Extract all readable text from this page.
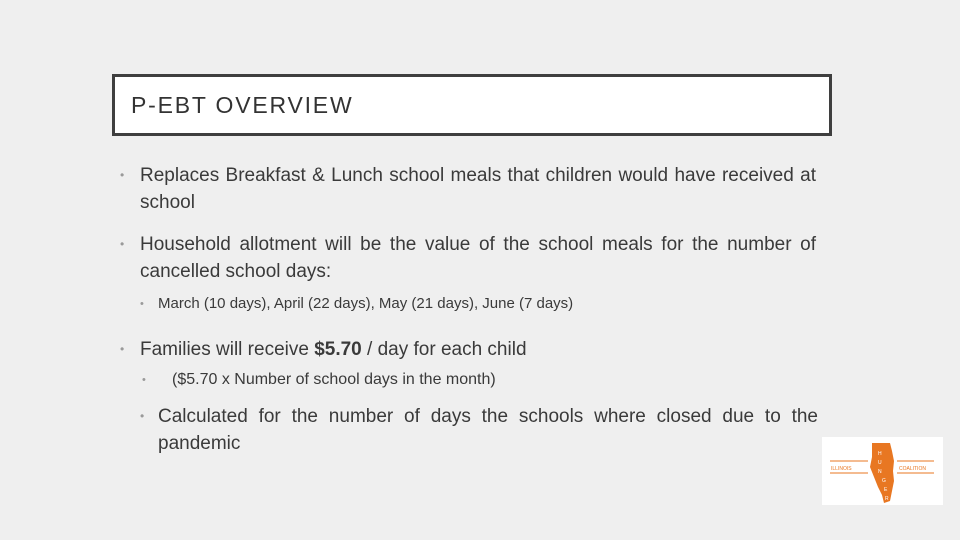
P-EBT OVERVIEW
• Replaces Breakfast & Lunch school meals that children would have received at school
• Household allotment will be the value of the school meals for the number of cancelled school days:
• March (10 days), April (22 days), May (21 days), June (7 days)
• Families will receive $5.70 / day for each child
• ($5.70 x Number of school days in the month)
• Calculated for the number of days the schools where closed due to the pandemic
ILLINOIS	COALITION
H
U
N
G
E
R
